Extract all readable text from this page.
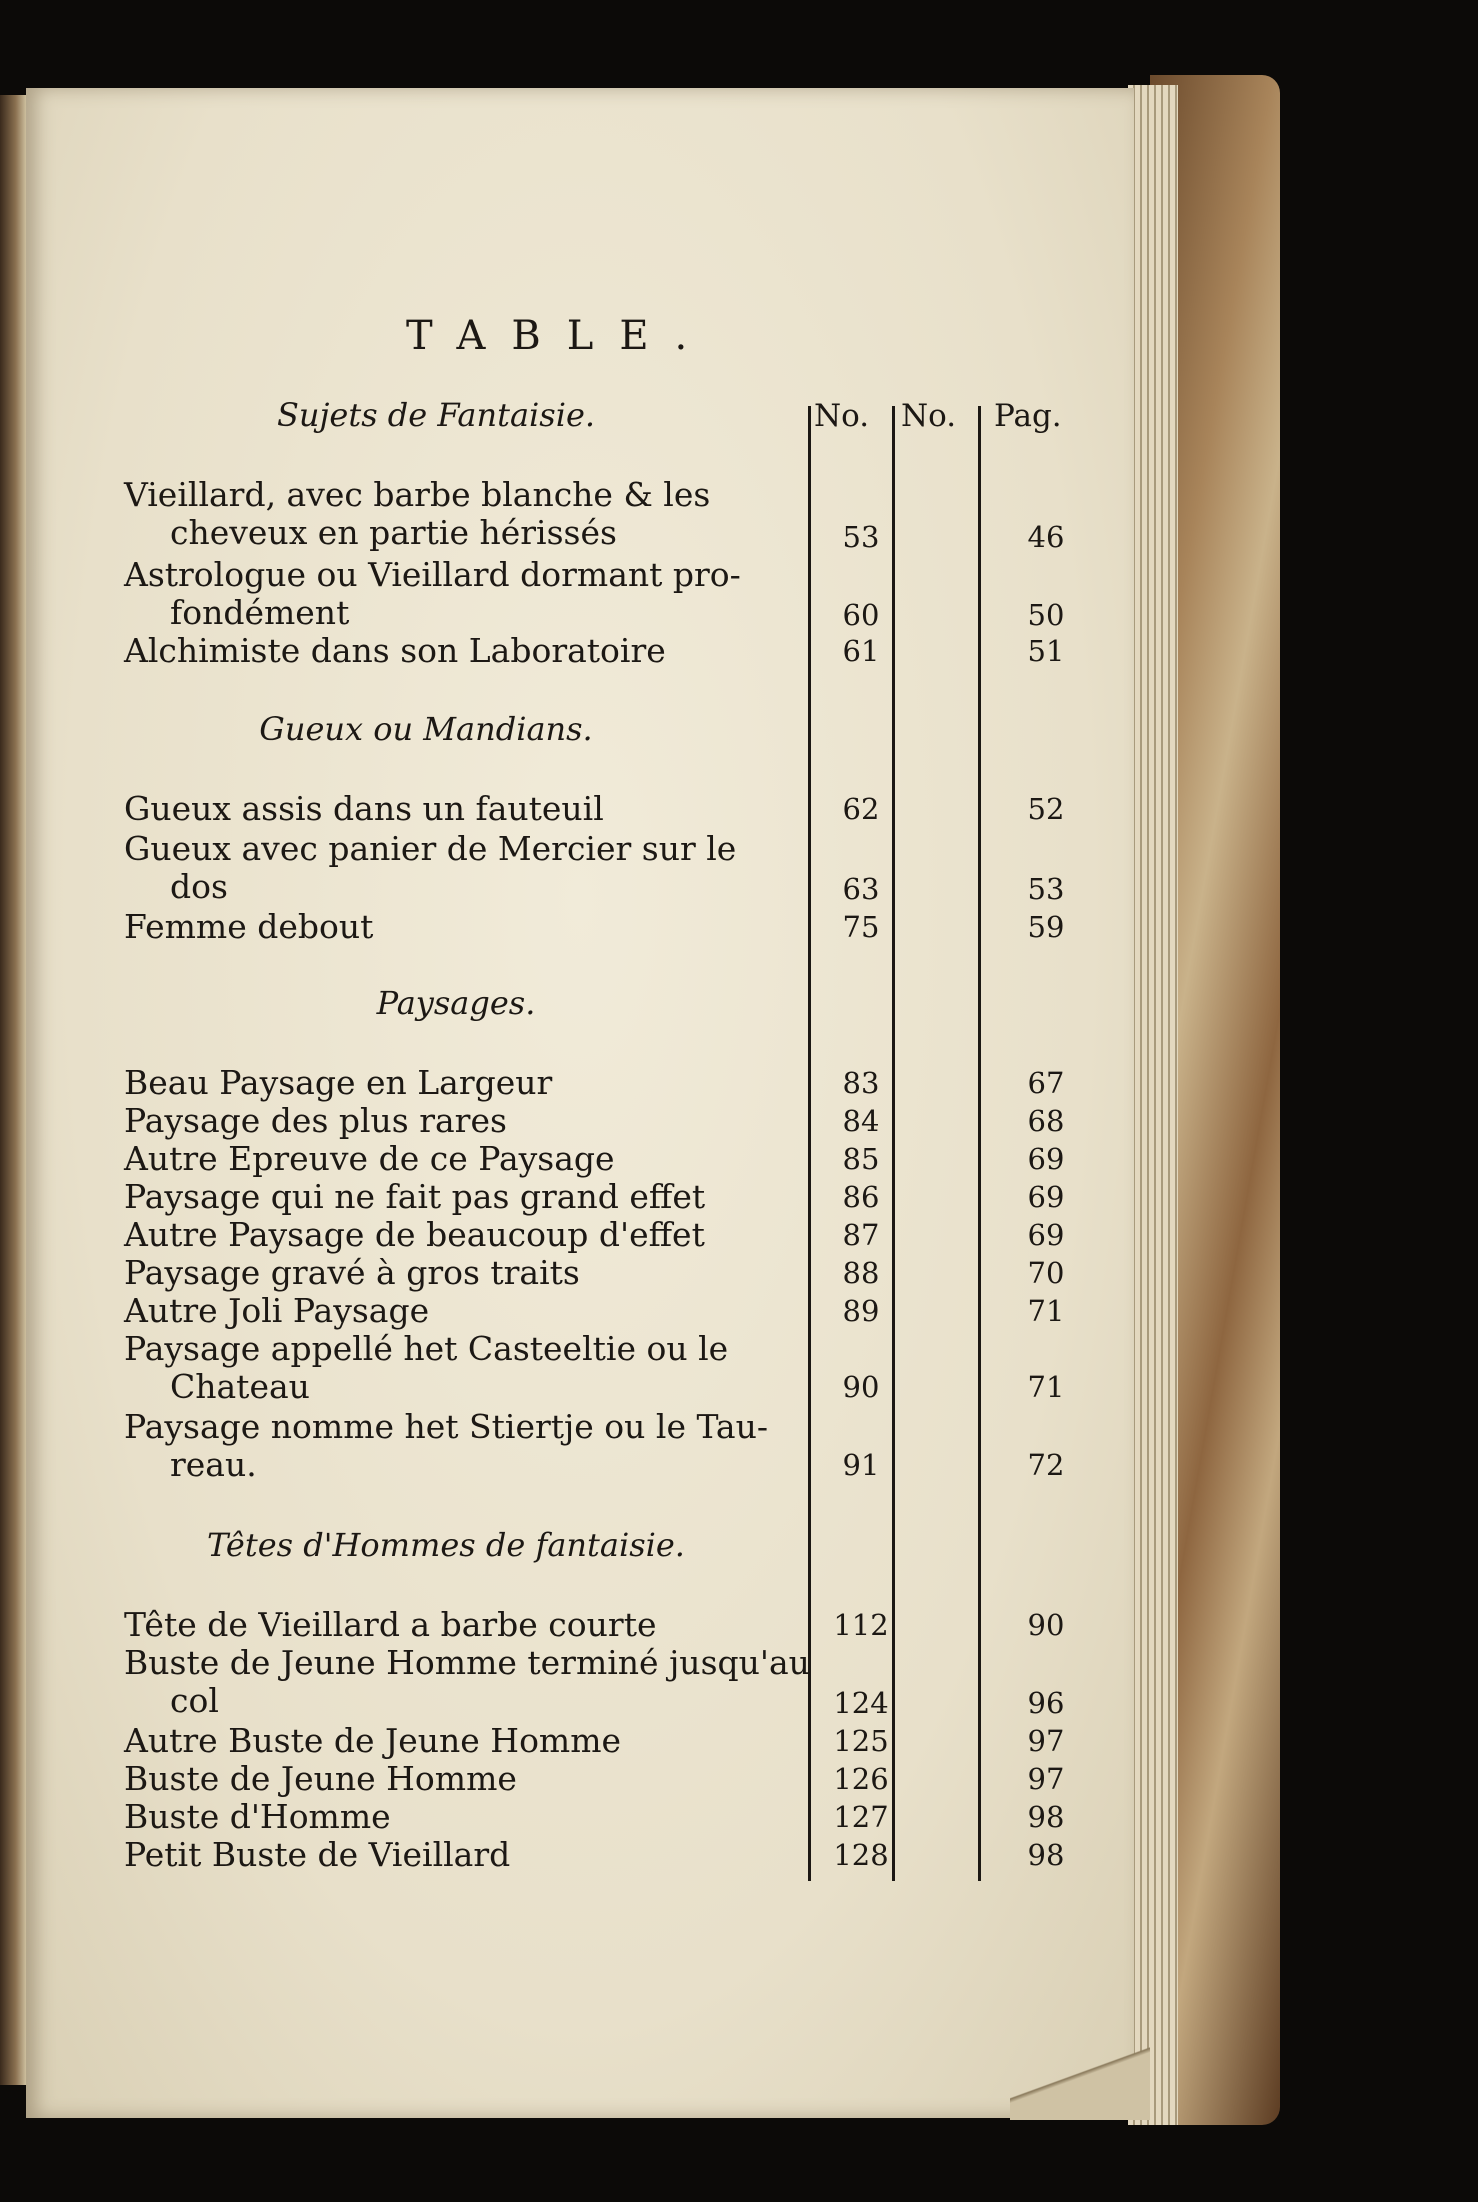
TABLE.
No. No. Pag.
Sujets de Fantaisie.
Vieillard, avec barbe blanche & les
cheveux en partie hérissés	53	46
Astrologue ou Vieillard dormant pro-
fondément	60	50
Alchimiste dans son Laboratoire	61	51
Gueux ou Mandians.
Gueux assis dans un fauteuil	62	52
Gueux avec panier de Mercier sur le
dos	63	53
Femme debout	75	59
Paysages.
Beau Paysage en Largeur	83	67
Paysage des plus rares	84	68
Autre Epreuve de ce Paysage	85	69
Paysage qui ne fait pas grand effet	86	69
Autre Paysage de beaucoup d'effet	87	69
Paysage gravé à gros traits	88	70
Autre Joli Paysage	89	71
Paysage appellé het Casteeltie ou le
Chateau	90	71
Paysage nomme het Stiertje ou le Tau-
reau.	91	72
Têtes d'Hommes de fantaisie.
Tête de Vieillard a barbe courte	112	90
Buste de Jeune Homme terminé jusqu'au
col	124	96
Autre Buste de Jeune Homme	125	97
Buste de Jeune Homme	126	97
Buste d'Homme	127	98
Petit Buste de Vieillard	128	98
